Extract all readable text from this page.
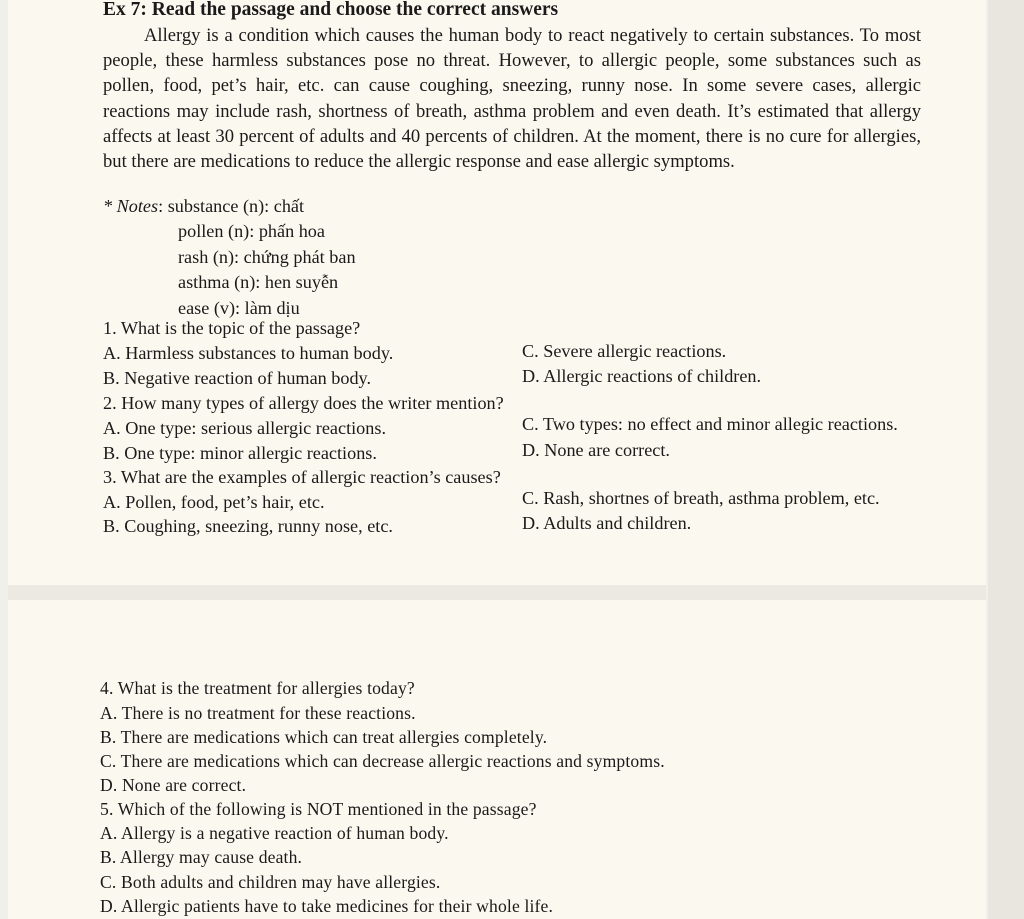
Ex 7: Read the passage and choose the correct answers

Allergy is a condition which causes the human body to react negatively to certain substances. To most people, these harmless substances pose no threat. However, to allergic people, some substances such as pollen, food, pet’s hair, etc. can cause coughing, sneezing, runny nose. In some severe cases, allergic reactions may include rash, shortness of breath, asthma problem and even death. It’s estimated that allergy affects at least 30 percent of adults and 40 percents of children. At the moment, there is no cure for allergies, but there are medications to reduce the allergic response and ease allergic symptoms.

* Notes: substance (n): chất
pollen (n): phấn hoa
rash (n): chứng phát ban
asthma (n): hen suyễn
ease (v): làm dịu
1. What is the topic of the passage?
A. Harmless substances to human body.	C. Severe allergic reactions.
B. Negative reaction of human body.	D. Allergic reactions of children.
2. How many types of allergy does the writer mention?
A. One type: serious allergic reactions.	C. Two types: no effect and minor allegic reactions.
B. One type: minor allergic reactions.	D. None are correct.
3. What are the examples of allergic reaction’s causes?
A. Pollen, food, pet’s hair, etc.	C. Rash, shortnes of breath, asthma problem, etc.
B. Coughing, sneezing, runny nose, etc.	D. Adults and children.
4. What is the treatment for allergies today?
A. There is no treatment for these reactions.
B. There are medications which can treat allergies completely.
C. There are medications which can decrease allergic reactions and symptoms.
D. None are correct.
5. Which of the following is NOT mentioned in the passage?
A. Allergy is a negative reaction of human body.
B. Allergy may cause death.
C. Both adults and children may have allergies.
D. Allergic patients have to take medicines for their whole life.
